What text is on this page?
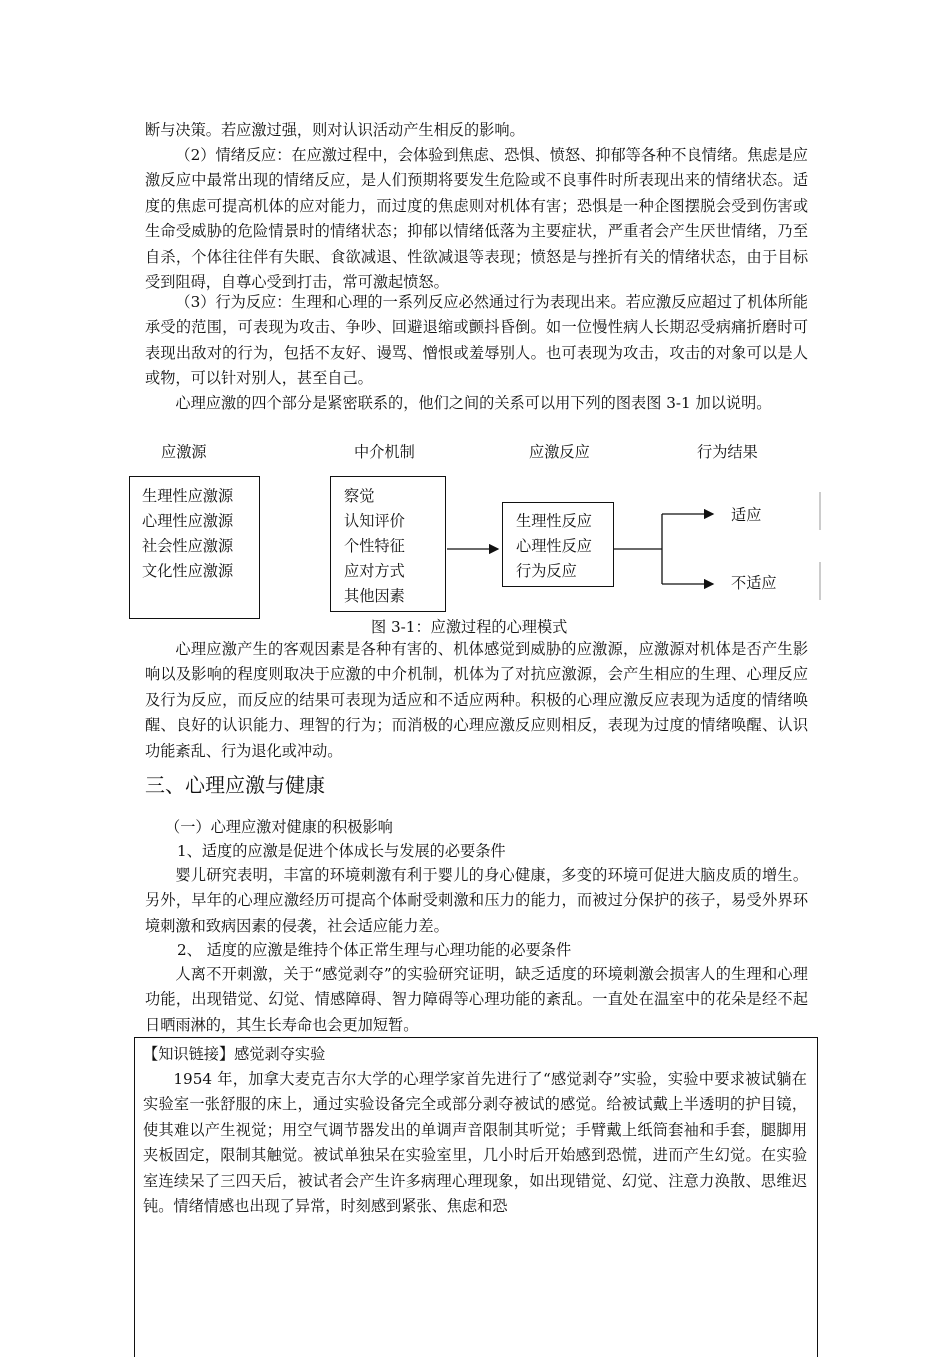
断与决策。若应激过强，则对认识活动产生相反的影响。

（2）情绪反应：在应激过程中，会体验到焦虑、恐惧、愤怒、抑郁等各种不良情绪。焦虑是应激反应中最常出现的情绪反应，是人们预期将要发生危险或不良事件时所表现出来的情绪状态。适度的焦虑可提高机体的应对能力，而过度的焦虑则对机体有害；恐惧是一种企图摆脱会受到伤害或生命受威胁的危险情景时的情绪状态；抑郁以情绪低落为主要症状，严重者会产生厌世情绪，乃至自杀，个体往往伴有失眠、食欲减退、性欲减退等表现；愤怒是与挫折有关的情绪状态，由于目标受到阻碍，自尊心受到打击，常可激起愤怒。

（3）行为反应：生理和心理的一系列反应必然通过行为表现出来。若应激反应超过了机体所能承受的范围，可表现为攻击、争吵、回避退缩或颤抖昏倒。如一位慢性病人长期忍受病痛折磨时可表现出敌对的行为，包括不友好、谩骂、憎恨或羞辱别人。也可表现为攻击，攻击的对象可以是人或物，可以针对别人，甚至自己。

心理应激的四个部分是紧密联系的，他们之间的关系可以用下列的图表图 3-1 加以说明。

应激源	中介机制	应激反应	行为结果
生理性应激源
心理性应激源
社会性应激源
文化性应激源
察觉
认知评价
个性特征
应对方式
其他因素
生理性反应
心理性反应
行为反应
适应
不适应
图 3-1：应激过程的心理模式

心理应激产生的客观因素是各种有害的、机体感觉到威胁的应激源，应激源对机体是否产生影响以及影响的程度则取决于应激的中介机制，机体为了对抗应激源，会产生相应的生理、心理反应及行为反应，而反应的结果可表现为适应和不适应两种。积极的心理应激反应表现为适度的情绪唤醒、良好的认识能力、理智的行为；而消极的心理应激反应则相反，表现为过度的情绪唤醒、认识功能紊乱、行为退化或冲动。

三、心理应激与健康

（一）心理应激对健康的积极影响

1、适度的应激是促进个体成长与发展的必要条件

婴儿研究表明，丰富的环境刺激有利于婴儿的身心健康，多变的环境可促进大脑皮质的增生。另外，早年的心理应激经历可提高个体耐受刺激和压力的能力，而被过分保护的孩子，易受外界环境刺激和致病因素的侵袭，社会适应能力差。

2、 适度的应激是维持个体正常生理与心理功能的必要条件

人离不开刺激，关于“感觉剥夺”的实验研究证明，缺乏适度的环境刺激会损害人的生理和心理功能，出现错觉、幻觉、情感障碍、智力障碍等心理功能的紊乱。一直处在温室中的花朵是经不起日晒雨淋的，其生长寿命也会更加短暂。

【知识链接】感觉剥夺实验

1954 年，加拿大麦克吉尔大学的心理学家首先进行了“感觉剥夺”实验，实验中要求被试躺在实验室一张舒服的床上，通过实验设备完全或部分剥夺被试的感觉。给被试戴上半透明的护目镜，使其难以产生视觉；用空气调节器发出的单调声音限制其听觉；手臂戴上纸筒套袖和手套，腿脚用夹板固定，限制其触觉。被试单独呆在实验室里，几小时后开始感到恐慌，进而产生幻觉。在实验室连续呆了三四天后，被试者会产生许多病理心理现象，如出现错觉、幻觉、注意力涣散、思维迟钝。情绪情感也出现了异常，时刻感到紧张、焦虑和恐
